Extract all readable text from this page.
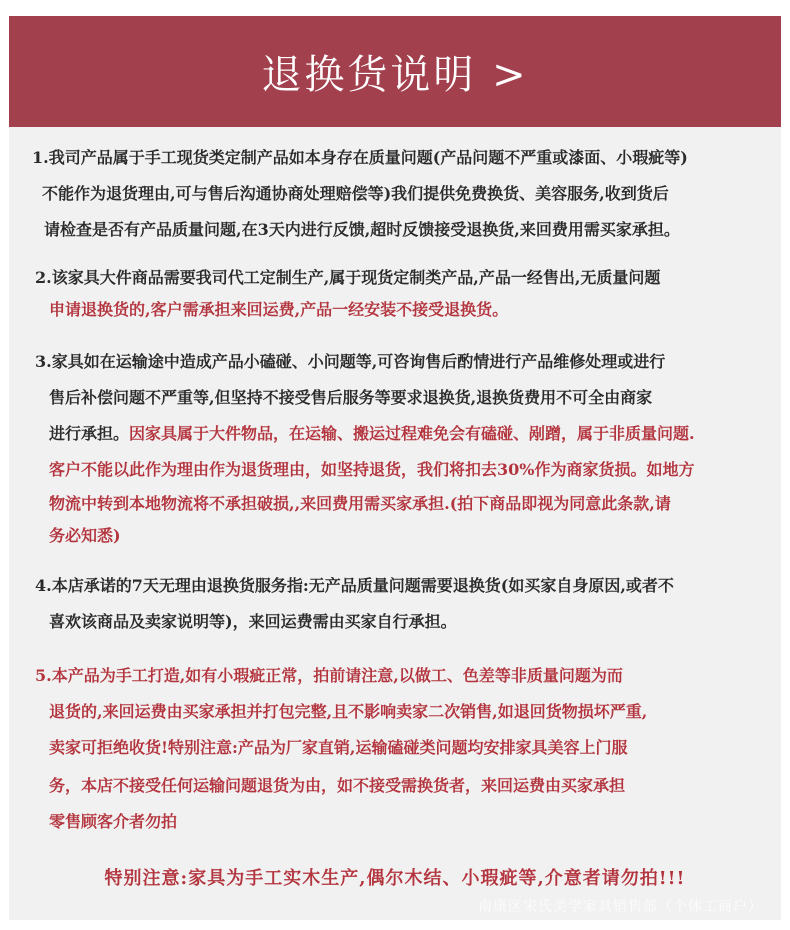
退换货说明 >
1.我司产品属于手工现货类定制产品如本身存在质量问题(产品问题不严重或漆面、小瑕疵等)
不能作为退货理由,可与售后沟通协商处理赔偿等)我们提供免费换货、美容服务,收到货后
请检查是否有产品质量问题,在3天内进行反馈,超时反馈接受退换货,来回费用需买家承担。
2.该家具大件商品需要我司代工定制生产,属于现货定制类产品,产品一经售出,无质量问题
申请退换货的,客户需承担来回运费,产品一经安装不接受退换货。
3.家具如在运输途中造成产品小磕碰、小问题等,可咨询售后酌情进行产品维修处理或进行
售后补偿问题不严重等,但坚持不接受售后服务等要求退换货,退换货费用不可全由商家
进行承担。因家具属于大件物品，在运输、搬运过程难免会有磕碰、剐蹭，属于非质量问题.
客户不能以此作为理由作为退货理由，如坚持退货，我们将扣去30%作为商家货损。如地方
物流中转到本地物流将不承担破损,,来回费用需买家承担.(拍下商品即视为同意此条款,请
务必知悉)
4.本店承诺的7天无理由退换货服务指:无产品质量问题需要退换货(如买家自身原因,或者不
喜欢该商品及卖家说明等)，来回运费需由买家自行承担。
5.本产品为手工打造,如有小瑕疵正常，拍前请注意,以做工、色差等非质量问题为而
退货的,来回运费由买家承担并打包完整,且不影响卖家二次销售,如退回货物损坏严重,
卖家可拒绝收货!特别注意:产品为厂家直销,运输磕碰类问题均安排家具美容上门服
务，本店不接受任何运输问题退货为由，如不接受需换货者，来回运费由买家承担
零售顾客介者勿拍
特别注意:家具为手工实木生产,偶尔木结、小瑕疵等,介意者请勿拍!!!
南康区宋氏美学家具销售部（个体工商户）
